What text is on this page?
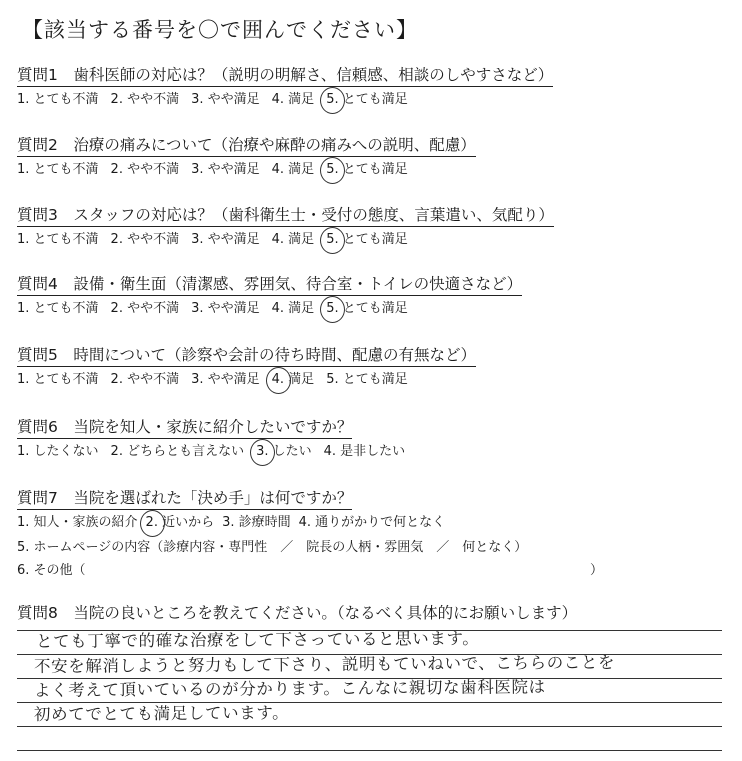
【該当する番号を〇で囲んでください】
質問1　歯科医師の対応は？（説明の明解さ、信頼感、相談のしやすさなど）
1. とても不満 2. やや不満 3. やや満足 4. 満足 5. とても満足
質問2　治療の痛みについて（治療や麻酔の痛みへの説明、配慮）
1. とても不満 2. やや不満 3. やや満足 4. 満足 5. とても満足
質問3　スタッフの対応は？（歯科衛生士・受付の態度、言葉遣い、気配り）
1. とても不満 2. やや不満 3. やや満足 4. 満足 5. とても満足
質問4　設備・衛生面（清潔感、雰囲気、待合室・トイレの快適さなど）
1. とても不満 2. やや不満 3. やや満足 4. 満足 5. とても満足
質問5　時間について（診察や会計の待ち時間、配慮の有無など）
1. とても不満 2. やや不満 3. やや満足 4. 満足 5. とても満足
質問6　当院を知人・家族に紹介したいですか？
1. したくない 2. どちらとも言えない 3. したい 4. 是非したい
質問7　当院を選ばれた「決め手」は何ですか？
1. 知人・家族の紹介 2. 近いから 3. 診療時間 4. 通りがかりで何となく
5. ホームページの内容（診療内容・専門性　／　院長の人柄・雰囲気　／　何となく）
6. その他（	）
質問8　当院の良いところを教えてください。（なるべく具体的にお願いします）
とても丁寧で的確な治療をして下さっていると思います。
不安を解消しようと努力もして下さり、説明もていねいで、こちらのことを
よく考えて頂いているのが分かります。こんなに親切な歯科医院は
初めてでとても満足しています。
